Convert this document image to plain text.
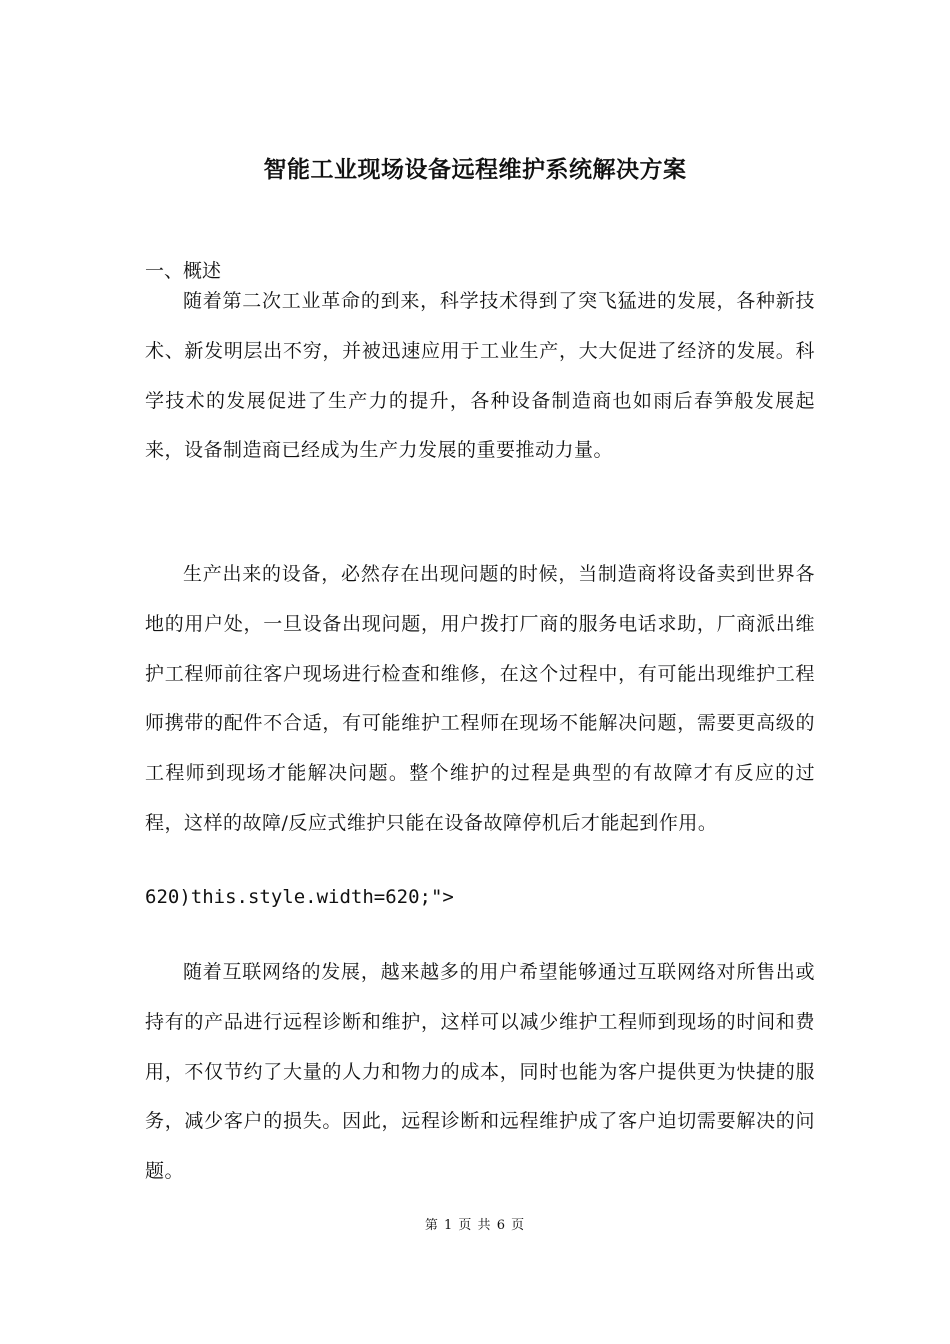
智能工业现场设备远程维护系统解决方案
一、概述

随着第二次工业革命的到来，科学技术得到了突飞猛进的发展，各种新技术、新发明层出不穷，并被迅速应用于工业生产，大大促进了经济的发展。科学技术的发展促进了生产力的提升，各种设备制造商也如雨后春笋般发展起来，设备制造商已经成为生产力发展的重要推动力量。

生产出来的设备，必然存在出现问题的时候，当制造商将设备卖到世界各地的用户处，一旦设备出现问题，用户拨打厂商的服务电话求助，厂商派出维护工程师前往客户现场进行检查和维修，在这个过程中，有可能出现维护工程师携带的配件不合适，有可能维护工程师在现场不能解决问题，需要更高级的工程师到现场才能解决问题。整个维护的过程是典型的有故障才有反应的过程，这样的故障/反应式维护只能在设备故障停机后才能起到作用。

620)this.style.width=620;">

随着互联网络的发展，越来越多的用户希望能够通过互联网络对所售出或持有的产品进行远程诊断和维护，这样可以减少维护工程师到现场的时间和费用，不仅节约了大量的人力和物力的成本，同时也能为客户提供更为快捷的服务，减少客户的损失。因此，远程诊断和远程维护成了客户迫切需要解决的问题。

第 1 页 共 6 页
